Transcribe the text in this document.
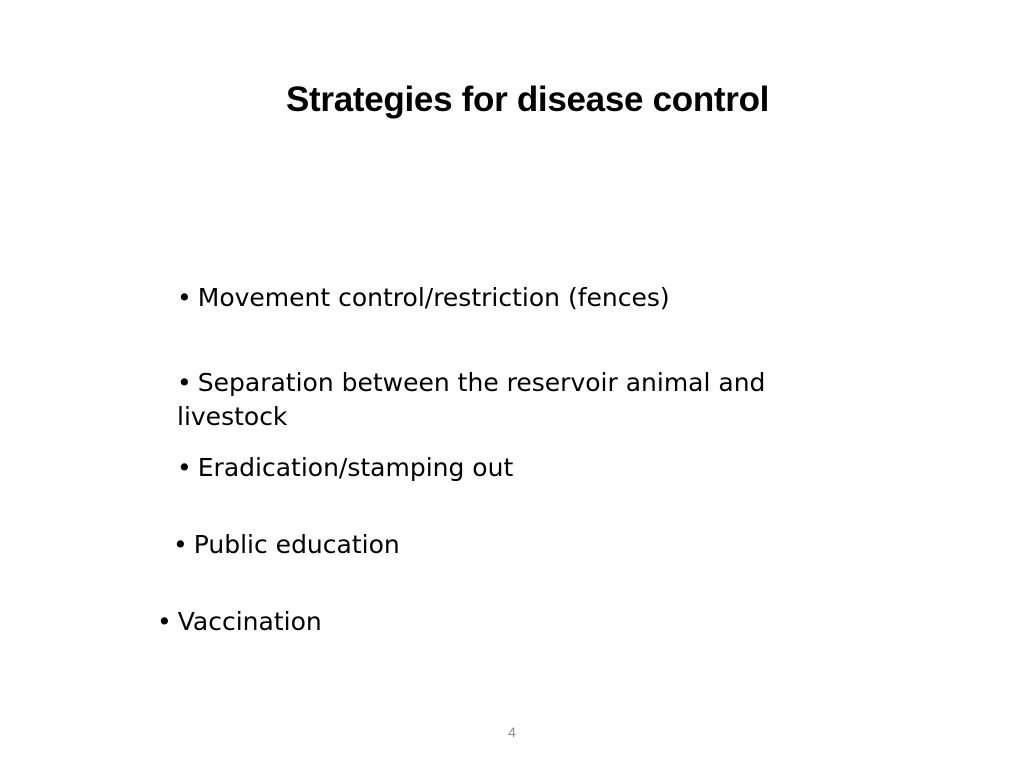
Strategies for disease control

• Movement control/restriction (fences)

• Separation between the reservoir animal and livestock

• Eradication/stamping out

• Public education

• Vaccination

4
